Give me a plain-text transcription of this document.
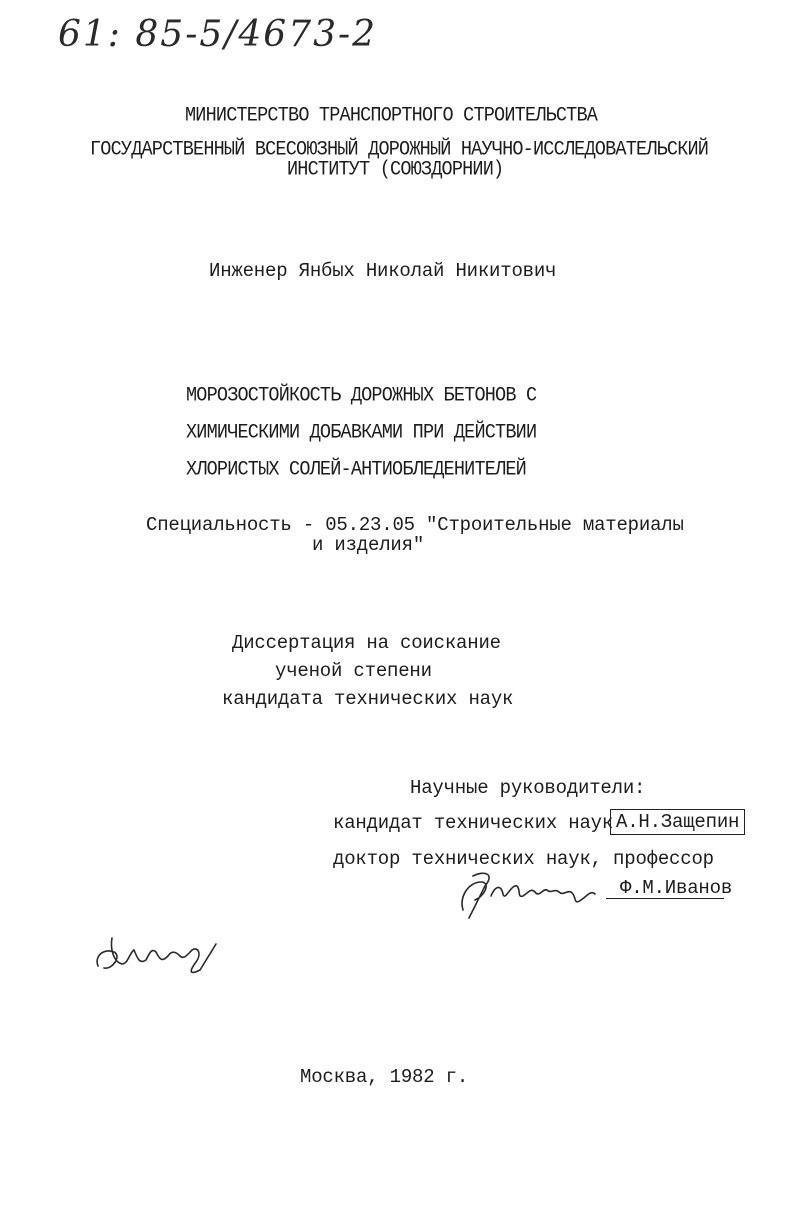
61: 85-5/4673-2
МИНИСТЕРСТВО ТРАНСПОРТНОГО СТРОИТЕЛЬСТВА
ГОСУДАРСТВЕННЫЙ ВСЕСОЮЗНЫЙ ДОРОЖНЫЙ НАУЧНО-ИССЛЕДОВАТЕЛЬСКИЙ
ИНСТИТУТ (СОЮЗДОРНИИ)
Инженер Янбых Николай Никитович
МОРОЗОСТОЙКОСТЬ ДОРОЖНЫХ БЕТОНОВ С
ХИМИЧЕСКИМИ ДОБАВКАМИ ПРИ ДЕЙСТВИИ
ХЛОРИСТЫХ СОЛЕЙ-АНТИОБЛЕДЕНИТЕЛЕЙ
Специальность - 05.23.05 "Строительные материалы
и изделия"
Диссертация на соискание
ученой степени
кандидата технических наук
Научные руководители:
кандидат технических наук А.Н.Защепин
доктор технических наук, профессор
Ф.М.Иванов
Москва, 1982 г.
